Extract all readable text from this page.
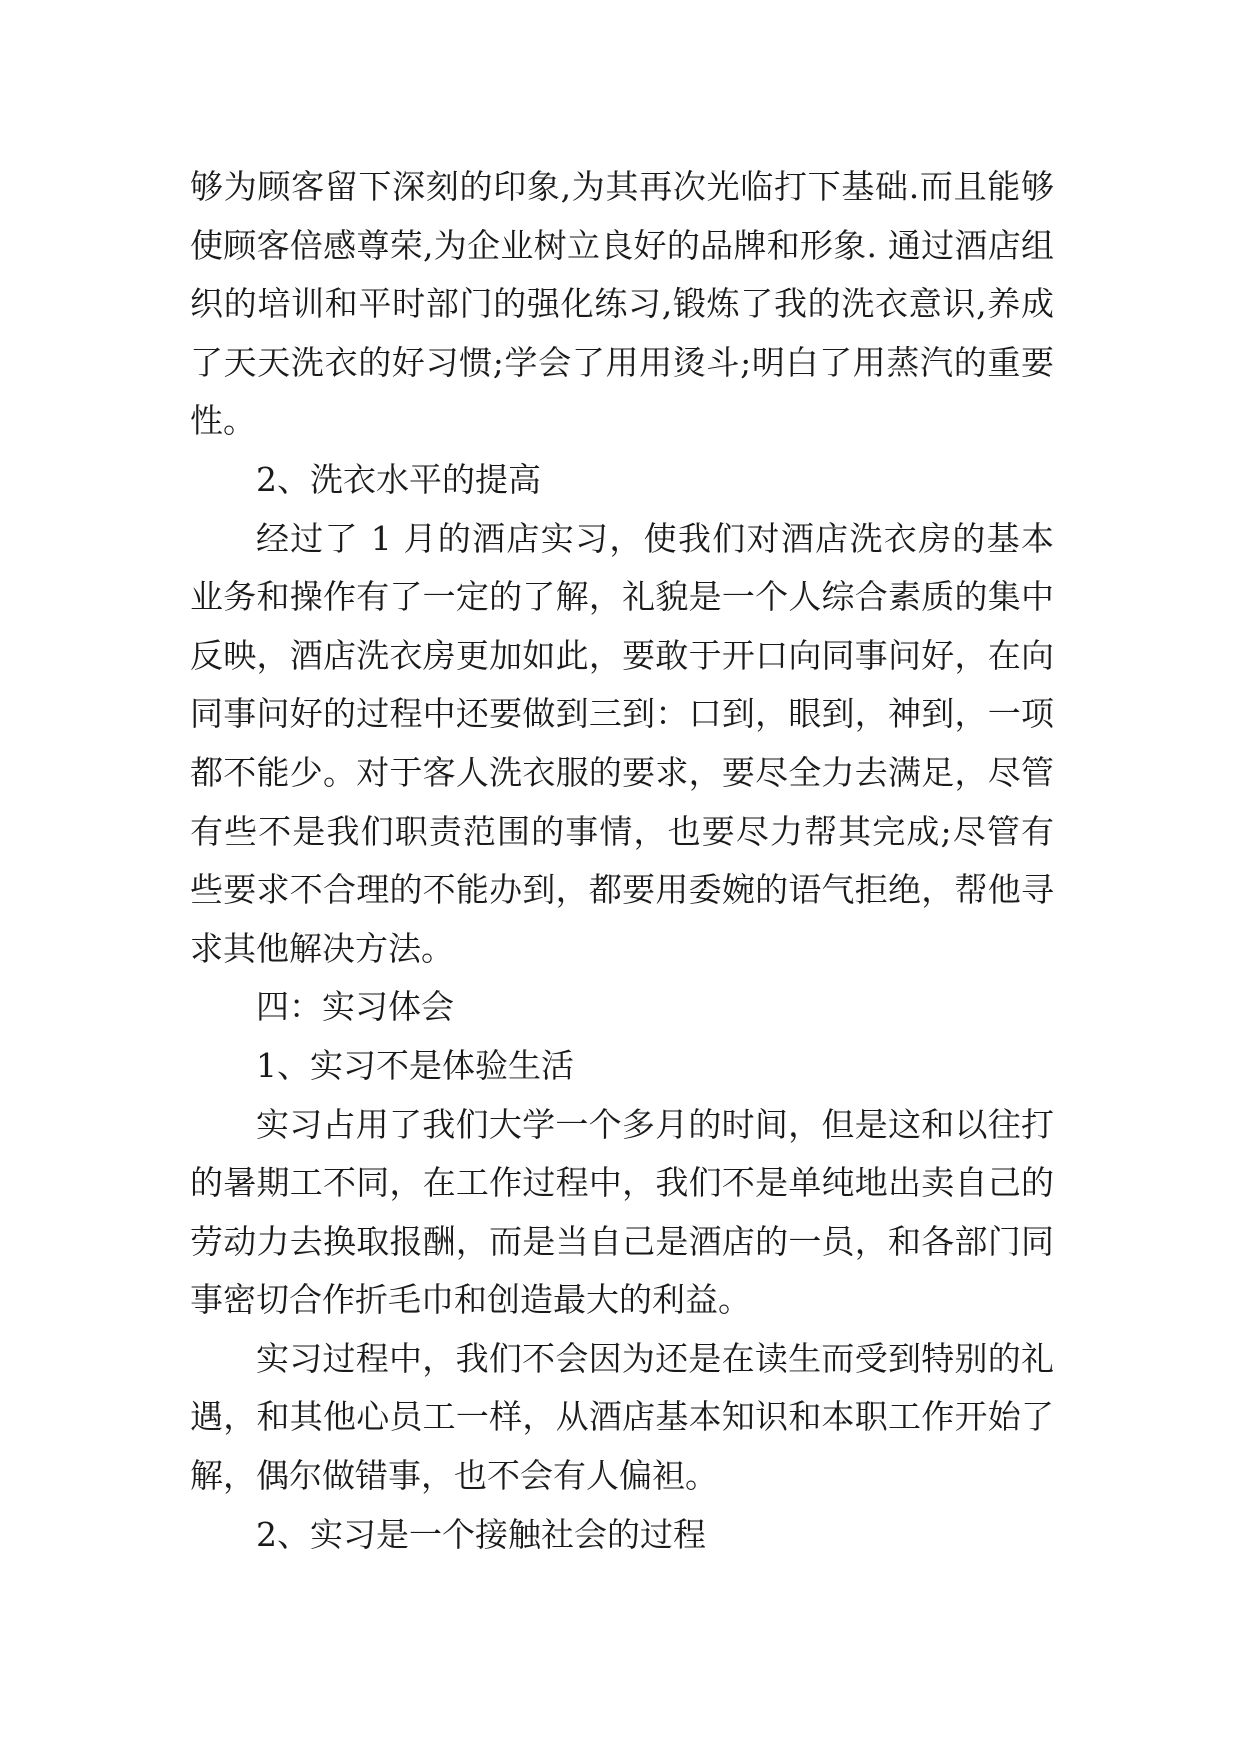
够为顾客留下深刻的印象,为其再次光临打下基础.而且能够使顾客倍感尊荣,为企业树立良好的品牌和形象. 通过酒店组织的培训和平时部门的强化练习,锻炼了我的洗衣意识,养成了天天洗衣的好习惯;学会了用用烫斗;明白了用蒸汽的重要性。

2、洗衣水平的提高

经过了 1 月的酒店实习，使我们对酒店洗衣房的基本业务和操作有了一定的了解，礼貌是一个人综合素质的集中反映，酒店洗衣房更加如此，要敢于开口向同事问好，在向同事问好的过程中还要做到三到：口到，眼到，神到，一项都不能少。对于客人洗衣服的要求，要尽全力去满足，尽管有些不是我们职责范围的事情，也要尽力帮其完成;尽管有些要求不合理的不能办到，都要用委婉的语气拒绝，帮他寻求其他解决方法。

四：实习体会

1、实习不是体验生活

实习占用了我们大学一个多月的时间，但是这和以往打的暑期工不同，在工作过程中，我们不是单纯地出卖自己的劳动力去换取报酬，而是当自己是酒店的一员，和各部门同事密切合作折毛巾和创造最大的利益。

实习过程中，我们不会因为还是在读生而受到特别的礼遇，和其他心员工一样，从酒店基本知识和本职工作开始了解，偶尔做错事，也不会有人偏袒。

2、实习是一个接触社会的过程
